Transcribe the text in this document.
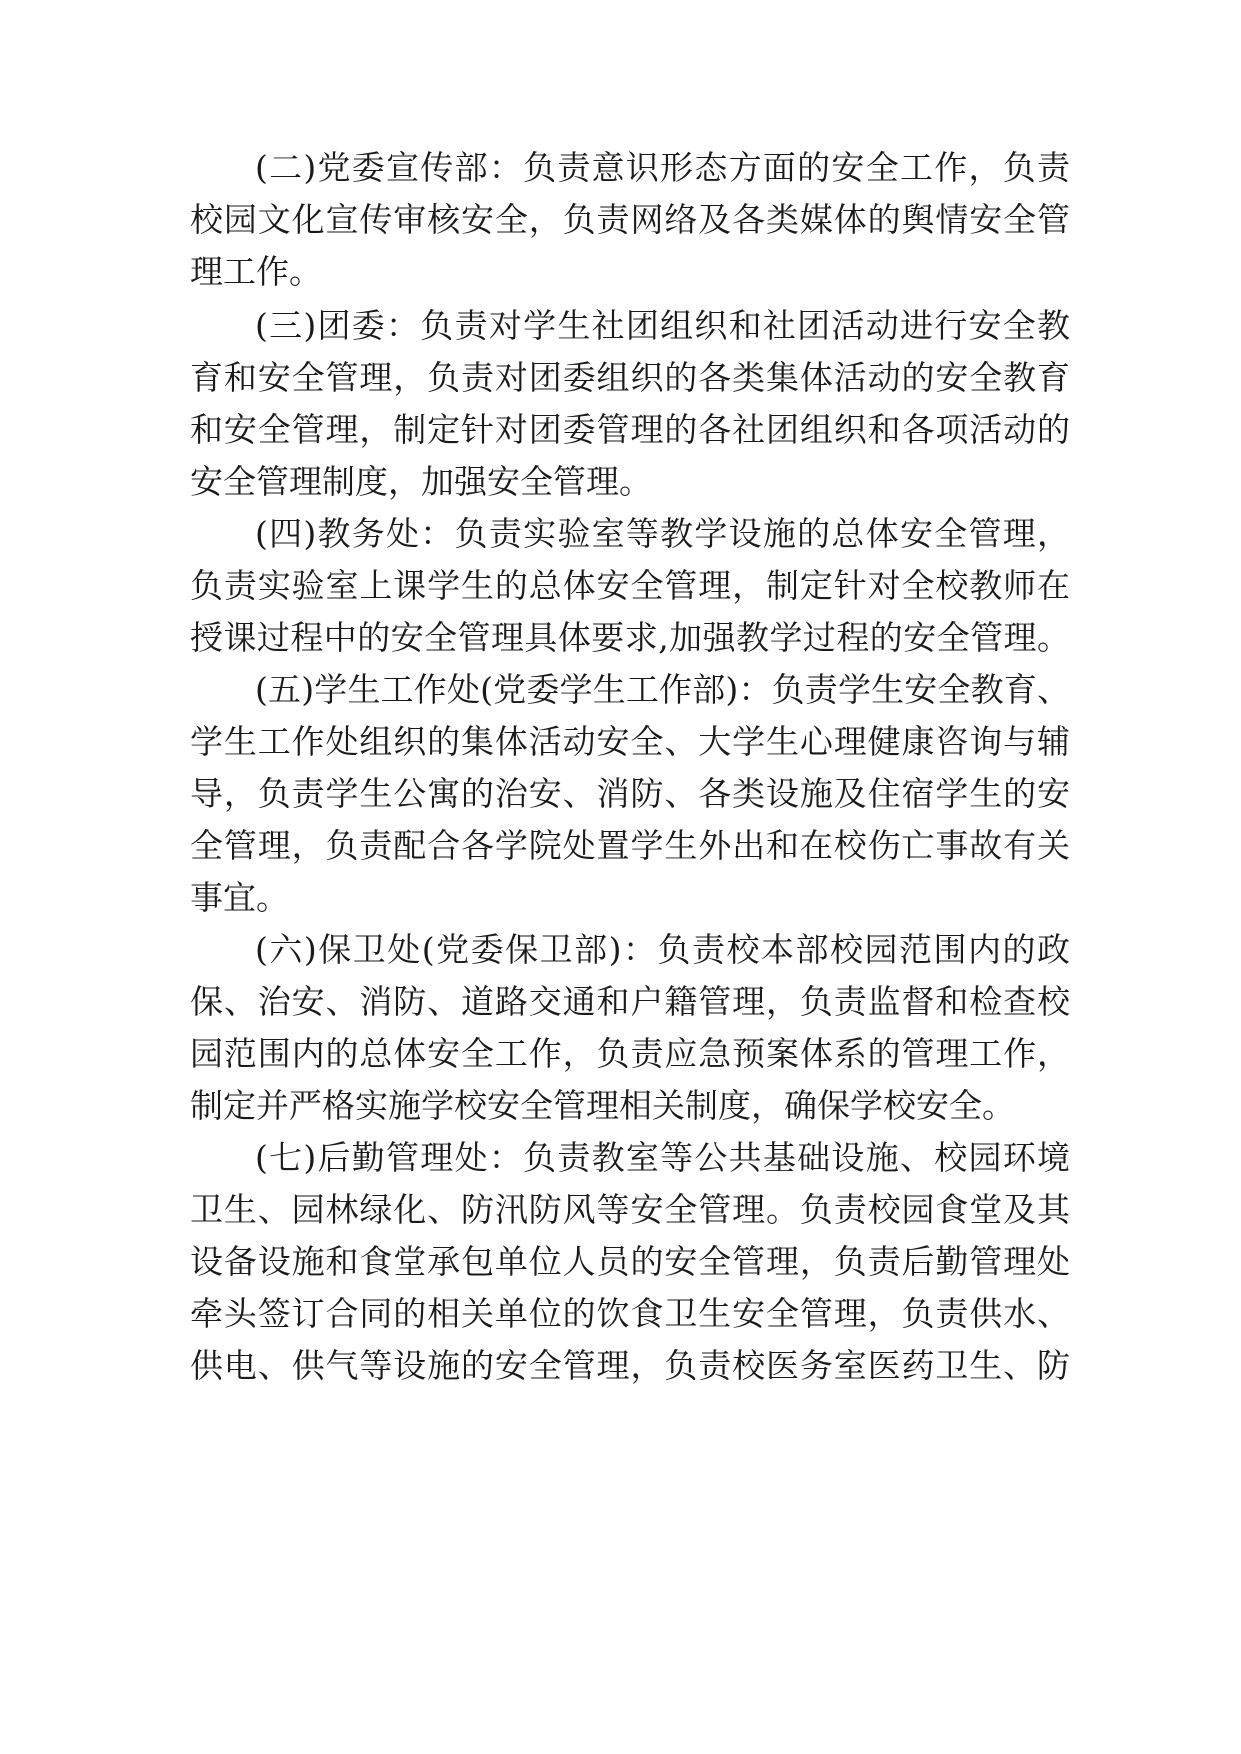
(二)党委宣传部：负责意识形态方面的安全工作，负责
校园文化宣传审核安全，负责网络及各类媒体的舆情安全管
理工作。
(三)团委：负责对学生社团组织和社团活动进行安全教
育和安全管理，负责对团委组织的各类集体活动的安全教育
和安全管理，制定针对团委管理的各社团组织和各项活动的
安全管理制度，加强安全管理。
(四)教务处：负责实验室等教学设施的总体安全管理，
负责实验室上课学生的总体安全管理，制定针对全校教师在
授课过程中的安全管理具体要求,加强教学过程的安全管理。
(五)学生工作处(党委学生工作部)：负责学生安全教育、
学生工作处组织的集体活动安全、大学生心理健康咨询与辅
导，负责学生公寓的治安、消防、各类设施及住宿学生的安
全管理，负责配合各学院处置学生外出和在校伤亡事故有关
事宜。
(六)保卫处(党委保卫部)：负责校本部校园范围内的政
保、治安、消防、道路交通和户籍管理，负责监督和检查校
园范围内的总体安全工作，负责应急预案体系的管理工作，
制定并严格实施学校安全管理相关制度，确保学校安全。
(七)后勤管理处：负责教室等公共基础设施、校园环境
卫生、园林绿化、防汛防风等安全管理。负责校园食堂及其
设备设施和食堂承包单位人员的安全管理，负责后勤管理处
牵头签订合同的相关单位的饮食卫生安全管理，负责供水、
供电、供气等设施的安全管理，负责校医务室医药卫生、防
